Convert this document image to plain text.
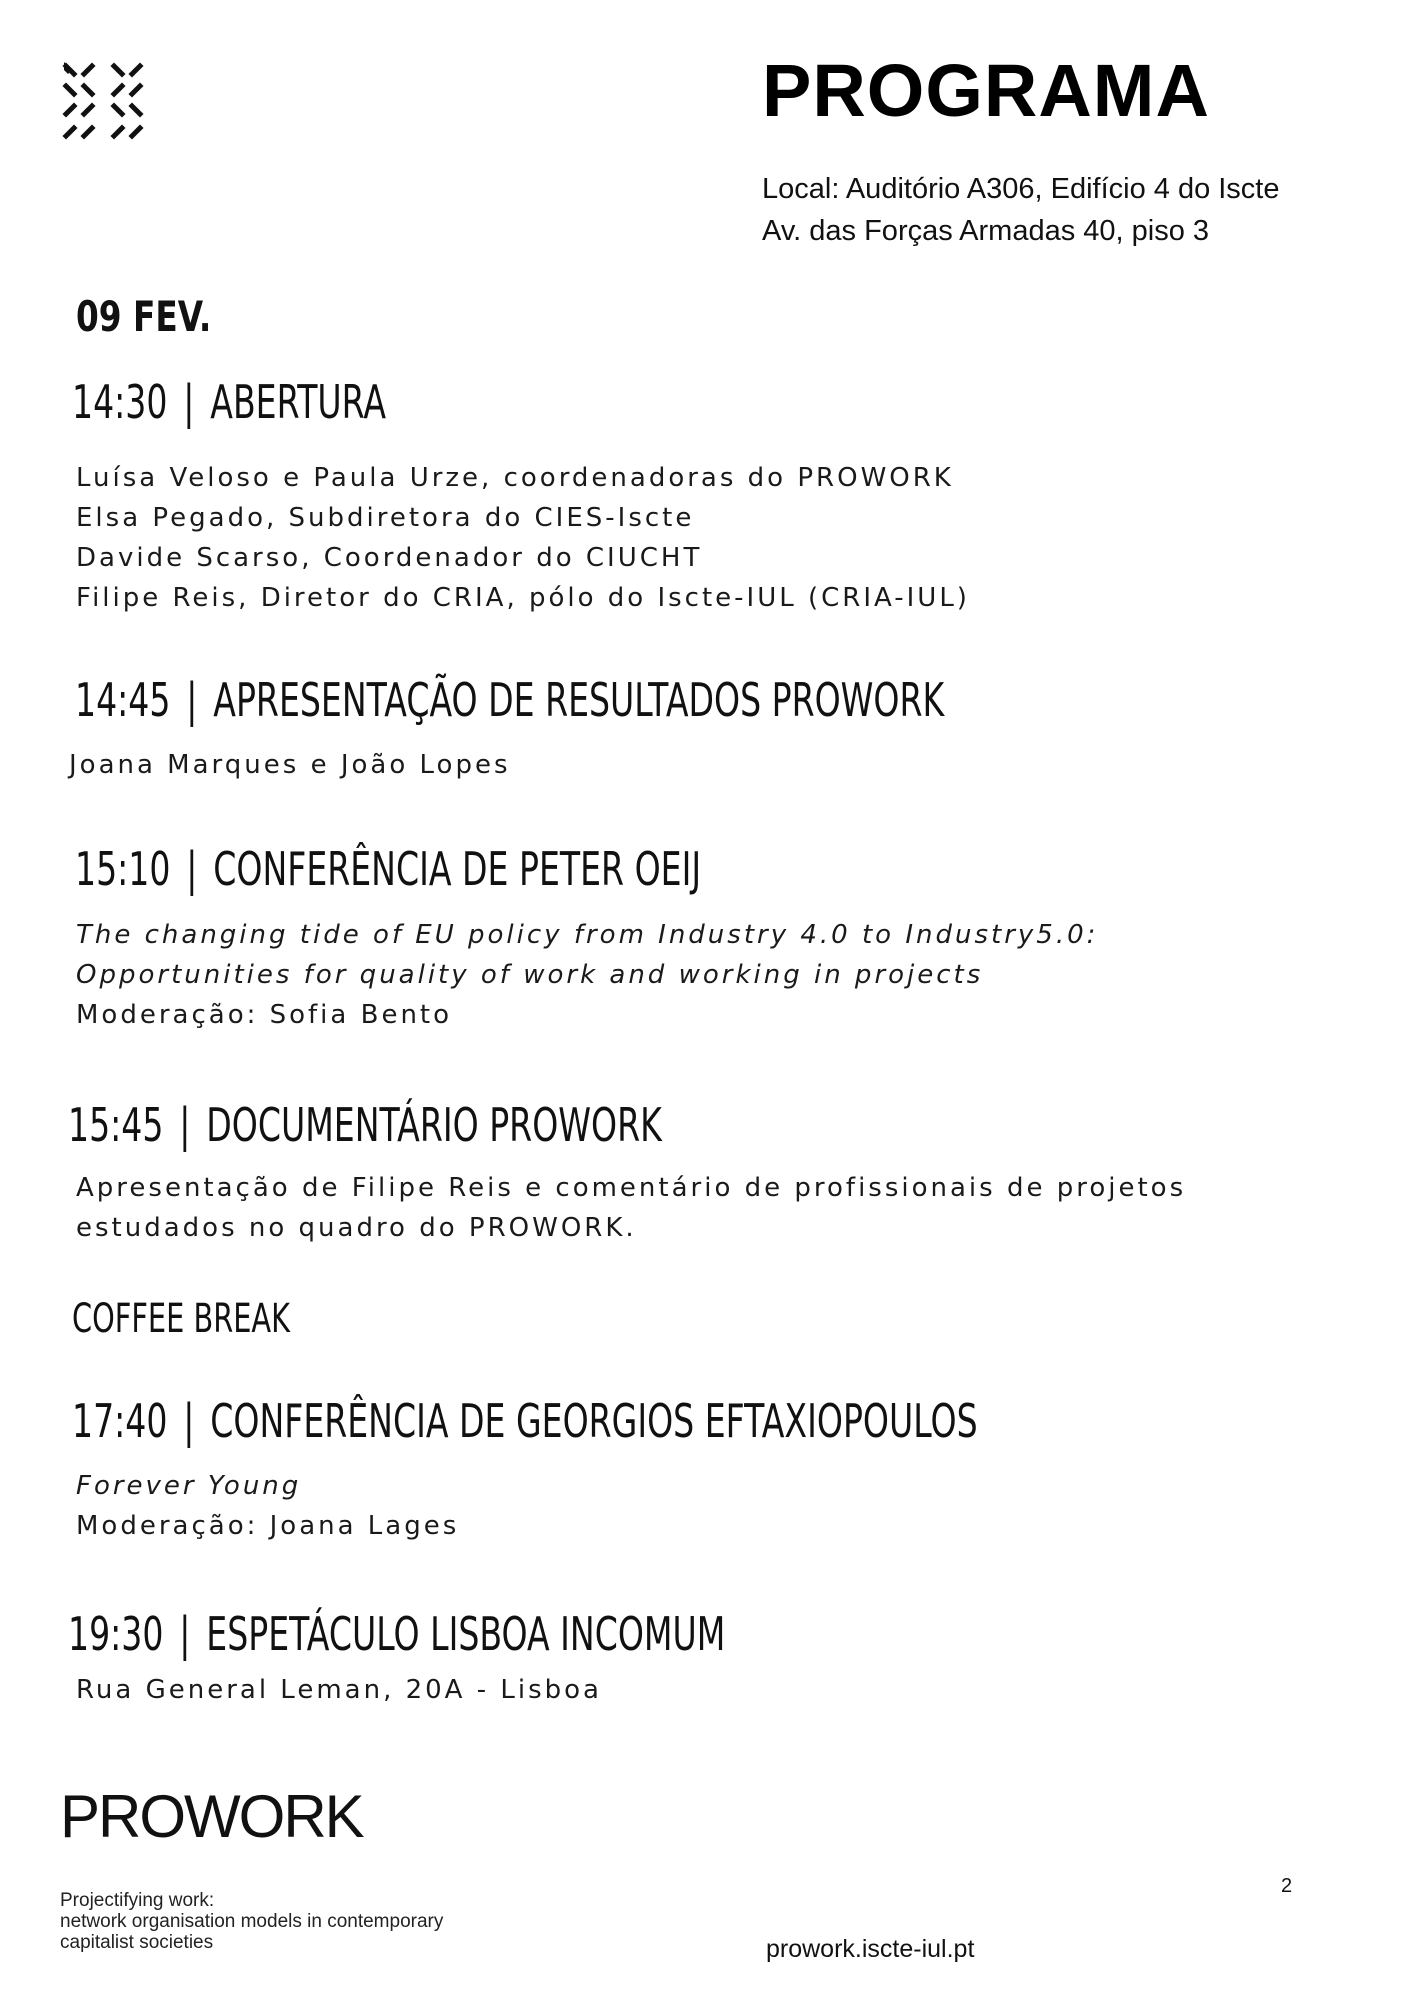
PROGRAMA
Local: Auditório A306, Edifício 4 do Iscte
Av. das Forças Armadas 40, piso 3
09 FEV.
14:30 | ABERTURA
Luísa Veloso e Paula Urze, coordenadoras do PROWORK
Elsa Pegado, Subdiretora do CIES-Iscte
Davide Scarso, Coordenador do CIUCHT
Filipe Reis, Diretor do CRIA, pólo do Iscte-IUL (CRIA-IUL)
14:45 | APRESENTAÇÃO DE RESULTADOS PROWORK
Joana Marques e João Lopes
15:10 | CONFERÊNCIA DE PETER OEIJ
The changing tide of EU policy from Industry 4.0 to Industry5.0:
Opportunities for quality of work and working in projects
Moderação: Sofia Bento
15:45 | DOCUMENTÁRIO PROWORK
Apresentação de Filipe Reis e comentário de profissionais de projetos
estudados no quadro do PROWORK.
COFFEE BREAK
17:40 | CONFERÊNCIA DE GEORGIOS EFTAXIOPOULOS
Forever Young
Moderação: Joana Lages
19:30 | ESPETÁCULO LISBOA INCOMUM
Rua General Leman, 20A - Lisboa
PROWORK
Projectifying work:
network organisation models in contemporary
capitalist societies
2
prowork.iscte-iul.pt
